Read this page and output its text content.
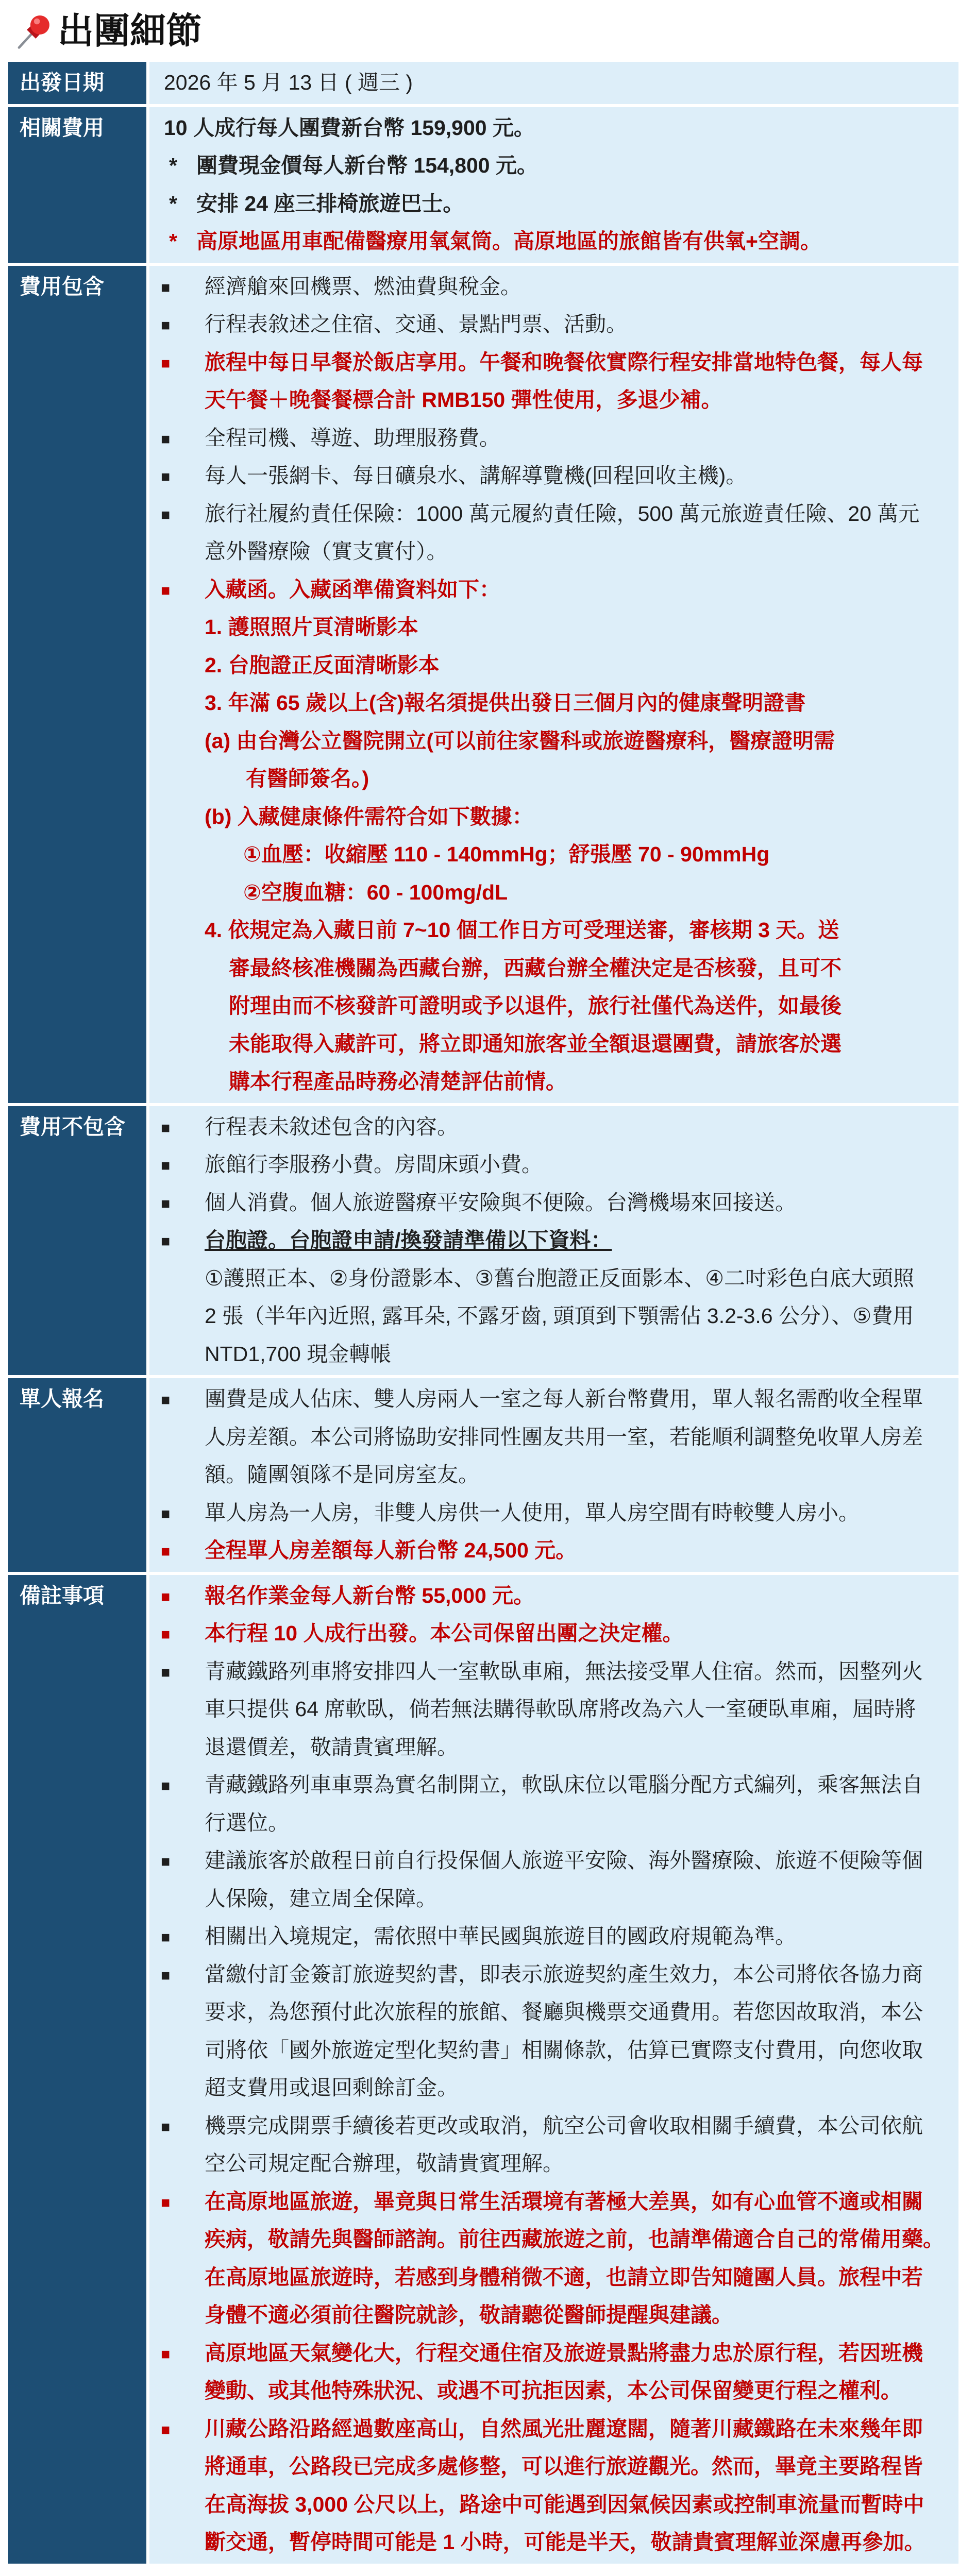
出團細節
出發日期	2026 年 5 月 13 日 ( 週三 )
相關費用	10 人成行每人團費新台幣 159,900 元。
* 團費現金價每人新台幣 154,800 元。
* 安排 24 座三排椅旅遊巴士。
* 高原地區用車配備醫療用氧氣筒。高原地區的旅館皆有供氧+空調。
費用包含	■ 經濟艙來回機票、燃油費與稅金。
■ 行程表敘述之住宿、交通、景點門票、活動。
■ 旅程中每日早餐於飯店享用。午餐和晚餐依實際行程安排當地特色餐，每人每
天午餐＋晚餐餐標合計 RMB150 彈性使用，多退少補。
■ 全程司機、導遊、助理服務費。
■ 每人一張網卡、每日礦泉水、講解導覽機(回程回收主機)。
■ 旅行社履約責任保險：1000 萬元履約責任險，500 萬元旅遊責任險、20 萬元
意外醫療險（實支實付）。
■ 入藏函。入藏函準備資料如下：
1. 護照照片頁清晰影本
2. 台胞證正反面清晰影本
3. 年滿 65 歲以上(含)報名須提供出發日三個月內的健康聲明證書
(a) 由台灣公立醫院開立(可以前往家醫科或旅遊醫療科，醫療證明需
有醫師簽名。)
(b) 入藏健康條件需符合如下數據：
①血壓：收縮壓 110 - 140mmHg；舒張壓 70 - 90mmHg
②空腹血糖：60 - 100mg/dL
4. 依規定為入藏日前 7~10 個工作日方可受理送審，審核期 3 天。送
審最終核准機關為西藏台辦，西藏台辦全權決定是否核發，且可不
附理由而不核發許可證明或予以退件，旅行社僅代為送件，如最後
未能取得入藏許可，將立即通知旅客並全額退還團費，請旅客於選
購本行程產品時務必清楚評估前情。
費用不包含	■ 行程表未敘述包含的內容。
■ 旅館行李服務小費。房間床頭小費。
■ 個人消費。個人旅遊醫療平安險與不便險。台灣機場來回接送。
■ 台胞證。台胞證申請/換發請準備以下資料：
①護照正本、②身份證影本、③舊台胞證正反面影本、④二吋彩色白底大頭照
2 張（半年內近照, 露耳朵, 不露牙齒, 頭頂到下顎需佔 3.2-3.6 公分）、⑤費用
NTD1,700 現金轉帳
單人報名	■ 團費是成人佔床、雙人房兩人一室之每人新台幣費用，單人報名需酌收全程單
人房差額。本公司將協助安排同性團友共用一室，若能順利調整免收單人房差
額。隨團領隊不是同房室友。
■ 單人房為一人房，非雙人房供一人使用，單人房空間有時較雙人房小。
■ 全程單人房差額每人新台幣 24,500 元。
備註事項	■ 報名作業金每人新台幣 55,000 元。
■ 本行程 10 人成行出發。本公司保留出團之決定權。
■ 青藏鐵路列車將安排四人一室軟臥車廂，無法接受單人住宿。然而，因整列火
車只提供 64 席軟臥，倘若無法購得軟臥席將改為六人一室硬臥車廂，屆時將
退還價差，敬請貴賓理解。
■ 青藏鐵路列車車票為實名制開立，軟臥床位以電腦分配方式編列，乘客無法自
行選位。
■ 建議旅客於啟程日前自行投保個人旅遊平安險、海外醫療險、旅遊不便險等個
人保險，建立周全保障。
■ 相關出入境規定，需依照中華民國與旅遊目的國政府規範為準。
■ 當繳付訂金簽訂旅遊契約書，即表示旅遊契約產生效力，本公司將依各協力商
要求，為您預付此次旅程的旅館、餐廳與機票交通費用。若您因故取消，本公
司將依「國外旅遊定型化契約書」相關條款，估算已實際支付費用，向您收取
超支費用或退回剩餘訂金。
■ 機票完成開票手續後若更改或取消，航空公司會收取相關手續費，本公司依航
空公司規定配合辦理，敬請貴賓理解。
■ 在高原地區旅遊，畢竟與日常生活環境有著極大差異，如有心血管不適或相關
疾病，敬請先與醫師諮詢。前往西藏旅遊之前，也請準備適合自己的常備用藥。
在高原地區旅遊時，若感到身體稍微不適，也請立即告知隨團人員。旅程中若
身體不適必須前往醫院就診，敬請聽從醫師提醒與建議。
■ 高原地區天氣變化大，行程交通住宿及旅遊景點將盡力忠於原行程，若因班機
變動、或其他特殊狀況、或遇不可抗拒因素，本公司保留變更行程之權利。
■ 川藏公路沿路經過數座高山，自然風光壯麗遼闊，隨著川藏鐵路在未來幾年即
將通車，公路段已完成多處修整，可以進行旅遊觀光。然而，畢竟主要路程皆
在高海拔 3,000 公尺以上，路途中可能遇到因氣候因素或控制車流量而暫時中
斷交通，暫停時間可能是 1 小時，可能是半天，敬請貴賓理解並深慮再參加。
